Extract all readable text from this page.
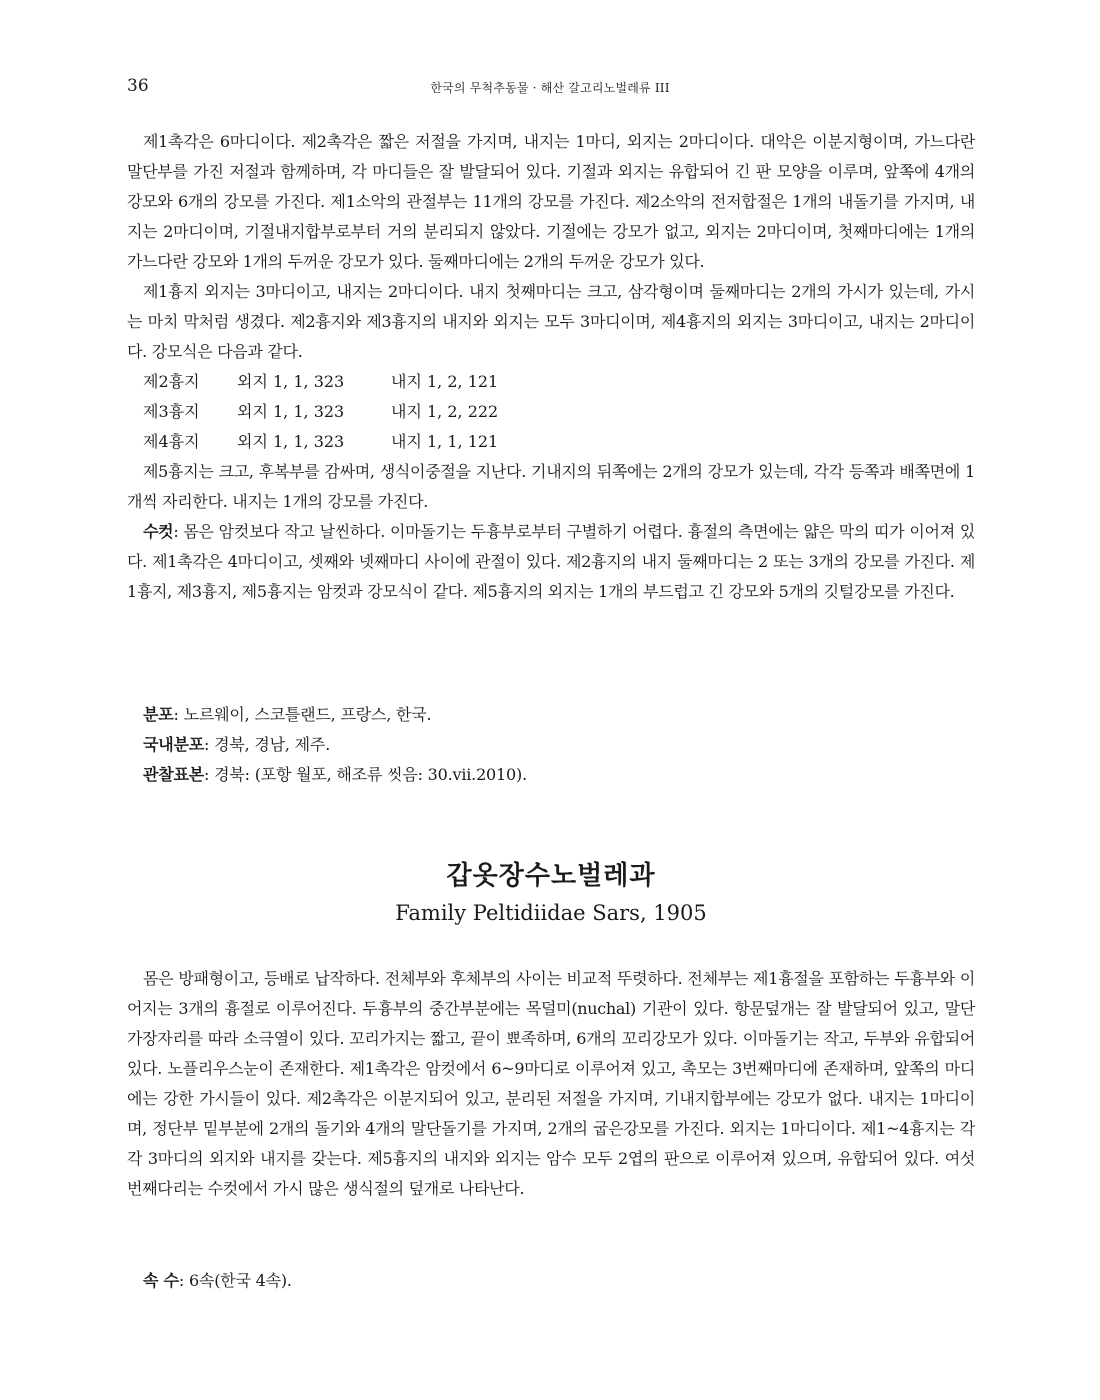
36	한국의 무척추동물 · 해산 갈고리노벌레류 III

제1촉각은 6마디이다. 제2촉각은 짧은 저절을 가지며, 내지는 1마디, 외지는 2마디이다. 대악은 이분지형이며, 가느다란 말단부를 가진 저절과 함께하며, 각 마디들은 잘 발달되어 있다. 기절과 외지는 유합되어 긴 판 모양을 이루며, 앞쪽에 4개의 강모와 6개의 강모를 가진다. 제1소악의 관절부는 11개의 강모를 가진다. 제2소악의 전저합절은 1개의 내돌기를 가지며, 내지는 2마디이며, 기절내지합부로부터 거의 분리되지 않았다. 기절에는 강모가 없고, 외지는 2마디이며, 첫째마디에는 1개의 가느다란 강모와 1개의 두꺼운 강모가 있다. 둘째마디에는 2개의 두꺼운 강모가 있다.

제1흉지 외지는 3마디이고, 내지는 2마디이다. 내지 첫째마디는 크고, 삼각형이며 둘째마디는 2개의 가시가 있는데, 가시는 마치 막처럼 생겼다. 제2흉지와 제3흉지의 내지와 외지는 모두 3마디이며, 제4흉지의 외지는 3마디이고, 내지는 2마디이다. 강모식은 다음과 같다.

제2흉지 외지 1, 1, 323	내지 1, 2, 121
제3흉지 외지 1, 1, 323	내지 1, 2, 222
제4흉지 외지 1, 1, 323	내지 1, 1, 121

제5흉지는 크고, 후복부를 감싸며, 생식이중절을 지난다. 기내지의 뒤쪽에는 2개의 강모가 있는데, 각각 등쪽과 배쪽면에 1개씩 자리한다. 내지는 1개의 강모를 가진다.

수컷: 몸은 암컷보다 작고 날씬하다. 이마돌기는 두흉부로부터 구별하기 어렵다. 흉절의 측면에는 얇은 막의 띠가 이어져 있다. 제1촉각은 4마디이고, 셋째와 넷째마디 사이에 관절이 있다. 제2흉지의 내지 둘째마디는 2 또는 3개의 강모를 가진다. 제1흉지, 제3흉지, 제5흉지는 암컷과 강모식이 같다. 제5흉지의 외지는 1개의 부드럽고 긴 강모와 5개의 깃털강모를 가진다.

분포: 노르웨이, 스코틀랜드, 프랑스, 한국.
국내분포: 경북, 경남, 제주.
관찰표본: 경북: (포항 월포, 해조류 씻음: 30.vii.2010).
갑옷장수노벌레과
Family Peltidiidae Sars, 1905

몸은 방패형이고, 등배로 납작하다. 전체부와 후체부의 사이는 비교적 뚜렷하다. 전체부는 제1흉절을 포함하는 두흉부와 이어지는 3개의 흉절로 이루어진다. 두흉부의 중간부분에는 목덜미(nuchal) 기관이 있다. 항문덮개는 잘 발달되어 있고, 말단가장자리를 따라 소극열이 있다. 꼬리가지는 짧고, 끝이 뾰족하며, 6개의 꼬리강모가 있다. 이마돌기는 작고, 두부와 유합되어 있다. 노플리우스눈이 존재한다. 제1촉각은 암컷에서 6~9마디로 이루어져 있고, 촉모는 3번째마디에 존재하며, 앞쪽의 마디에는 강한 가시들이 있다. 제2촉각은 이분지되어 있고, 분리된 저절을 가지며, 기내지합부에는 강모가 없다. 내지는 1마디이며, 정단부 밑부분에 2개의 돌기와 4개의 말단돌기를 가지며, 2개의 굽은강모를 가진다. 외지는 1마디이다. 제1~4흉지는 각각 3마디의 외지와 내지를 갖는다. 제5흉지의 내지와 외지는 암수 모두 2엽의 판으로 이루어져 있으며, 유합되어 있다. 여섯번째다리는 수컷에서 가시 많은 생식절의 덮개로 나타난다.

속 수: 6속(한국 4속).
